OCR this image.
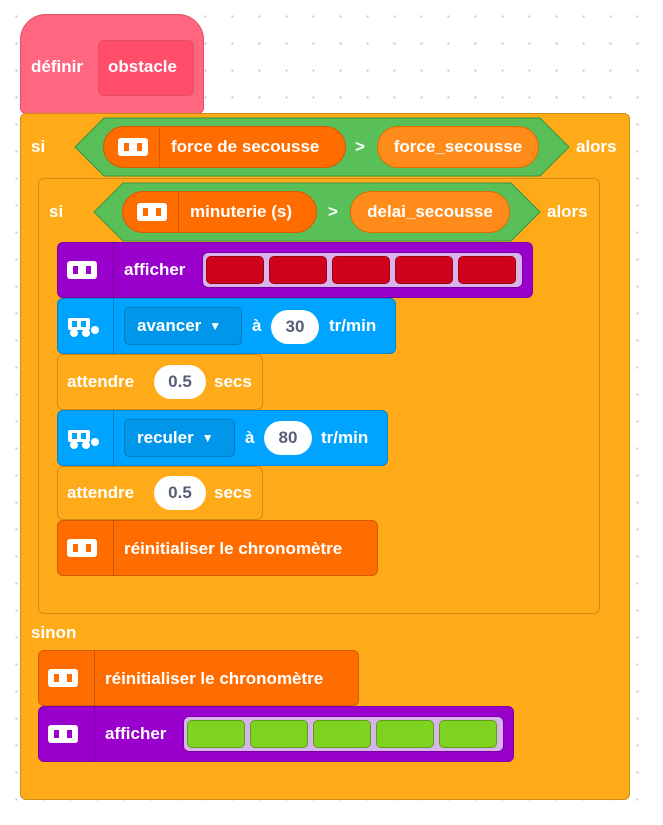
définir obstacle
si	force de secousse > force_secousse	alors
si	minuterie (s) > delai_secousse	alors
afficher
avancer ▼ à	30	tr/min
attendre	0.5	secs
reculer ▼ à	80	tr/min
attendre	0.5	secs
réinitialiser le chronomètre
sinon
réinitialiser le chronomètre
afficher
